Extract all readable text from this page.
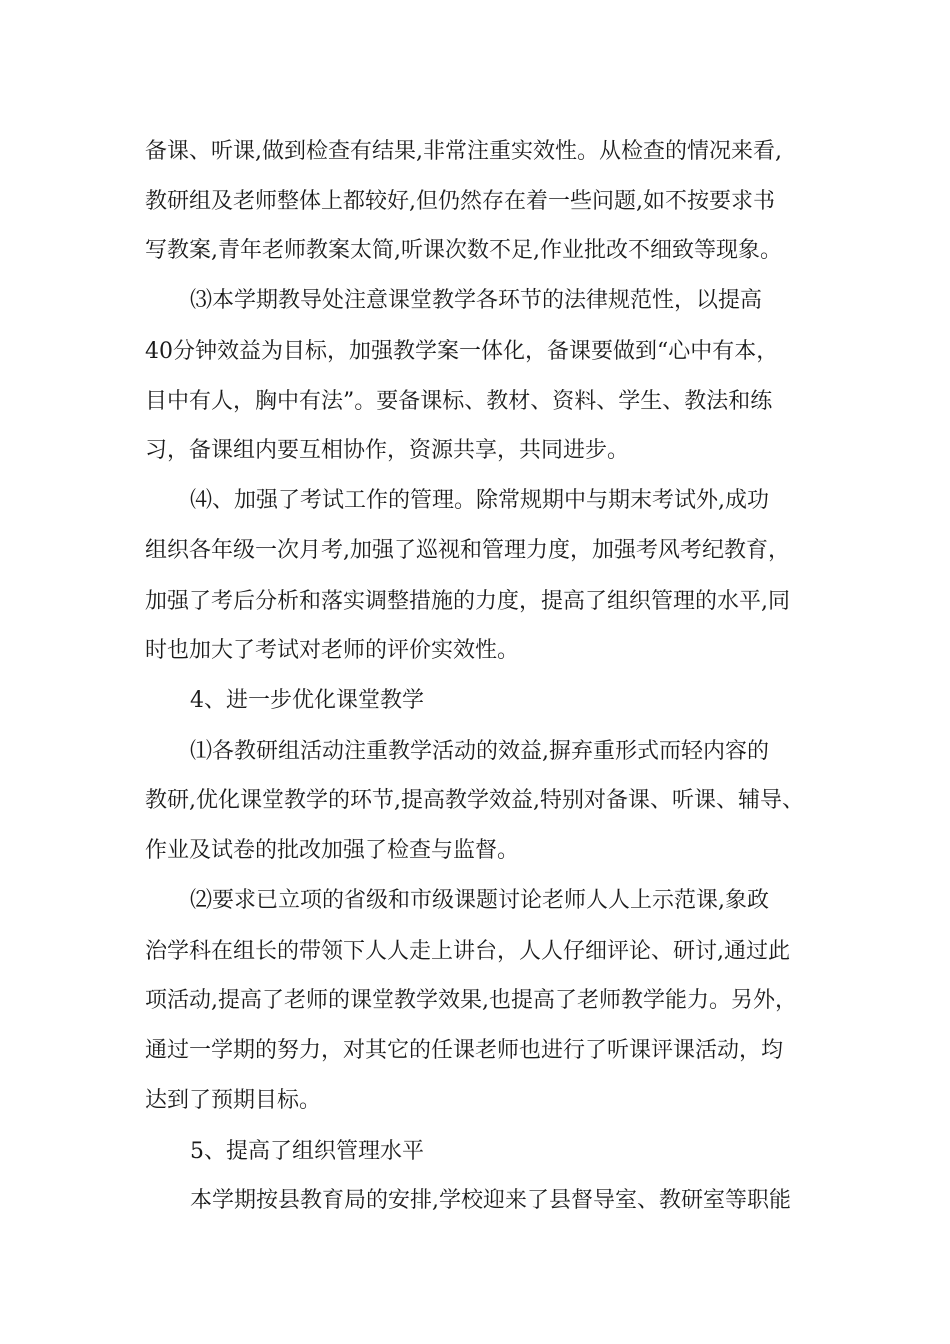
备课、听课,做到检查有结果,非常注重实效性。从检查的情况来看,
教研组及老师整体上都较好,但仍然存在着一些问题,如不按要求书
写教案,青年老师教案太简,听课次数不足,作业批改不细致等现象。
⑶本学期教导处注意课堂教学各环节的法律规范性，以提高
40分钟效益为目标，加强教学案一体化，备课要做到“心中有本，
目中有人，胸中有法”。要备课标、教材、资料、学生、教法和练
习，备课组内要互相协作，资源共享，共同进步。
⑷、加强了考试工作的管理。除常规期中与期末考试外,成功
组织各年级一次月考,加强了巡视和管理力度，加强考风考纪教育，
加强了考后分析和落实调整措施的力度，提高了组织管理的水平,同
时也加大了考试对老师的评价实效性。
4、进一步优化课堂教学
⑴各教研组活动注重教学活动的效益,摒弃重形式而轻内容的
教研,优化课堂教学的环节,提高教学效益,特别对备课、听课、辅导、
作业及试卷的批改加强了检查与监督。
⑵要求已立项的省级和市级课题讨论老师人人上示范课,象政
治学科在组长的带领下人人走上讲台，人人仔细评论、研讨,通过此
项活动,提高了老师的课堂教学效果,也提高了老师教学能力。另外，
通过一学期的努力，对其它的任课老师也进行了听课评课活动，均
达到了预期目标。
5、提高了组织管理水平
本学期按县教育局的安排,学校迎来了县督导室、教研室等职能
